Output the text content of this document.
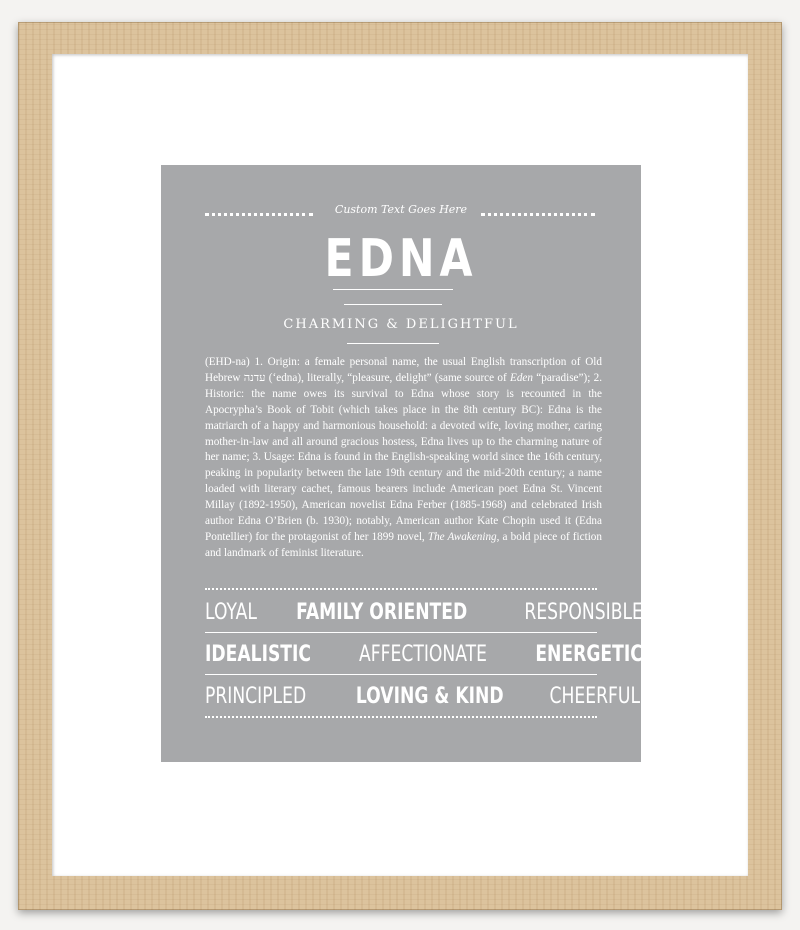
Custom Text Goes Here
EDNA
CHARMING & DELIGHTFUL
(EHD-na) 1. Origin: a female personal name, the usual English transcription of Old Hebrew עדנה (‘edna), literally, “pleasure, delight” (same source of Eden “paradise”); 2. Historic: the name owes its survival to Edna whose story is recounted in the Apocrypha’s Book of Tobit (which takes place in the 8th century BC): Edna is the matriarch of a happy and harmonious household: a devoted wife, loving mother, caring mother-in-law and all around gracious hostess, Edna lives up to the charming nature of her name; 3. Usage: Edna is found in the English-speaking world since the 16th century, peaking in popularity between the late 19th century and the mid-20th century; a name loaded with literary cachet, famous bearers include American poet Edna St. Vincent Millay (1892-1950), American novelist Edna Ferber (1885-1968) and celebrated Irish author Edna O’Brien (b. 1930); notably, American author Kate Chopin used it (Edna Pontellier) for the protagonist of her 1899 novel, The Awakening, a bold piece of fiction and landmark of feminist literature.
LOYAL FAMILY ORIENTED	RESPONSIBLE
IDEALISTIC AFFECTIONATE ENERGETIC
PRINCIPLED LOVING & KIND CHEERFUL
